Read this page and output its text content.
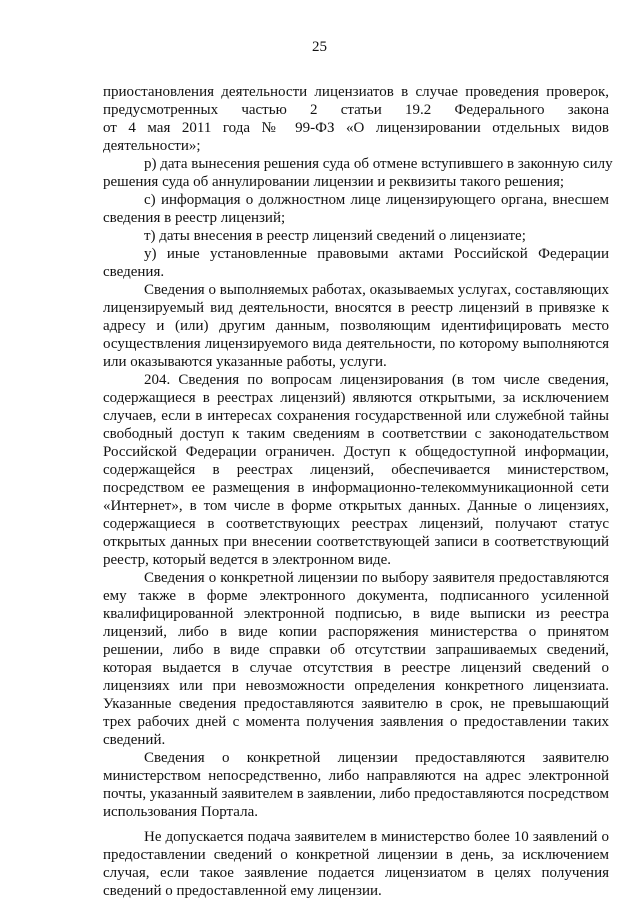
25
приостановления деятельности лицензиатов в случае проведения проверок,
предусмотренных частью 2 статьи 19.2 Федерального закона
от 4 мая 2011 года № 99-ФЗ «О лицензировании отдельных видов
деятельности»;
р) дата вынесения решения суда об отмене вступившего в законную силу
решения суда об аннулировании лицензии и реквизиты такого решения;
с) информация о должностном лице лицензирующего органа, внесшем
сведения в реестр лицензий;
т) даты внесения в реестр лицензий сведений о лицензиате;
у) иные установленные правовыми актами Российской Федерации
сведения.
Сведения о выполняемых работах, оказываемых услугах, составляющих
лицензируемый вид деятельности, вносятся в реестр лицензий в привязке к
адресу и (или) другим данным, позволяющим идентифицировать место
осуществления лицензируемого вида деятельности, по которому выполняются
или оказываются указанные работы, услуги.
204. Сведения по вопросам лицензирования (в том числе сведения,
содержащиеся в реестрах лицензий) являются открытыми, за исключением
случаев, если в интересах сохранения государственной или служебной тайны
свободный доступ к таким сведениям в соответствии с законодательством
Российской Федерации ограничен. Доступ к общедоступной информации,
содержащейся в реестрах лицензий, обеспечивается министерством,
посредством ее размещения в информационно-телекоммуникационной сети
«Интернет», в том числе в форме открытых данных. Данные о лицензиях,
содержащиеся в соответствующих реестрах лицензий, получают статус
открытых данных при внесении соответствующей записи в соответствующий
реестр, который ведется в электронном виде.
Сведения о конкретной лицензии по выбору заявителя предоставляются
ему также в форме электронного документа, подписанного усиленной
квалифицированной электронной подписью, в виде выписки из реестра
лицензий, либо в виде копии распоряжения министерства о принятом
решении, либо в виде справки об отсутствии запрашиваемых сведений,
которая выдается в случае отсутствия в реестре лицензий сведений о
лицензиях или при невозможности определения конкретного лицензиата.
Указанные сведения предоставляются заявителю в срок, не превышающий
трех рабочих дней с момента получения заявления о предоставлении таких
сведений.
Сведения о конкретной лицензии предоставляются заявителю
министерством непосредственно, либо направляются на адрес электронной
почты, указанный заявителем в заявлении, либо предоставляются посредством
использования Портала.
Не допускается подача заявителем в министерство более 10 заявлений о
предоставлении сведений о конкретной лицензии в день, за исключением
случая, если такое заявление подается лицензиатом в целях получения
сведений о предоставленной ему лицензии.
